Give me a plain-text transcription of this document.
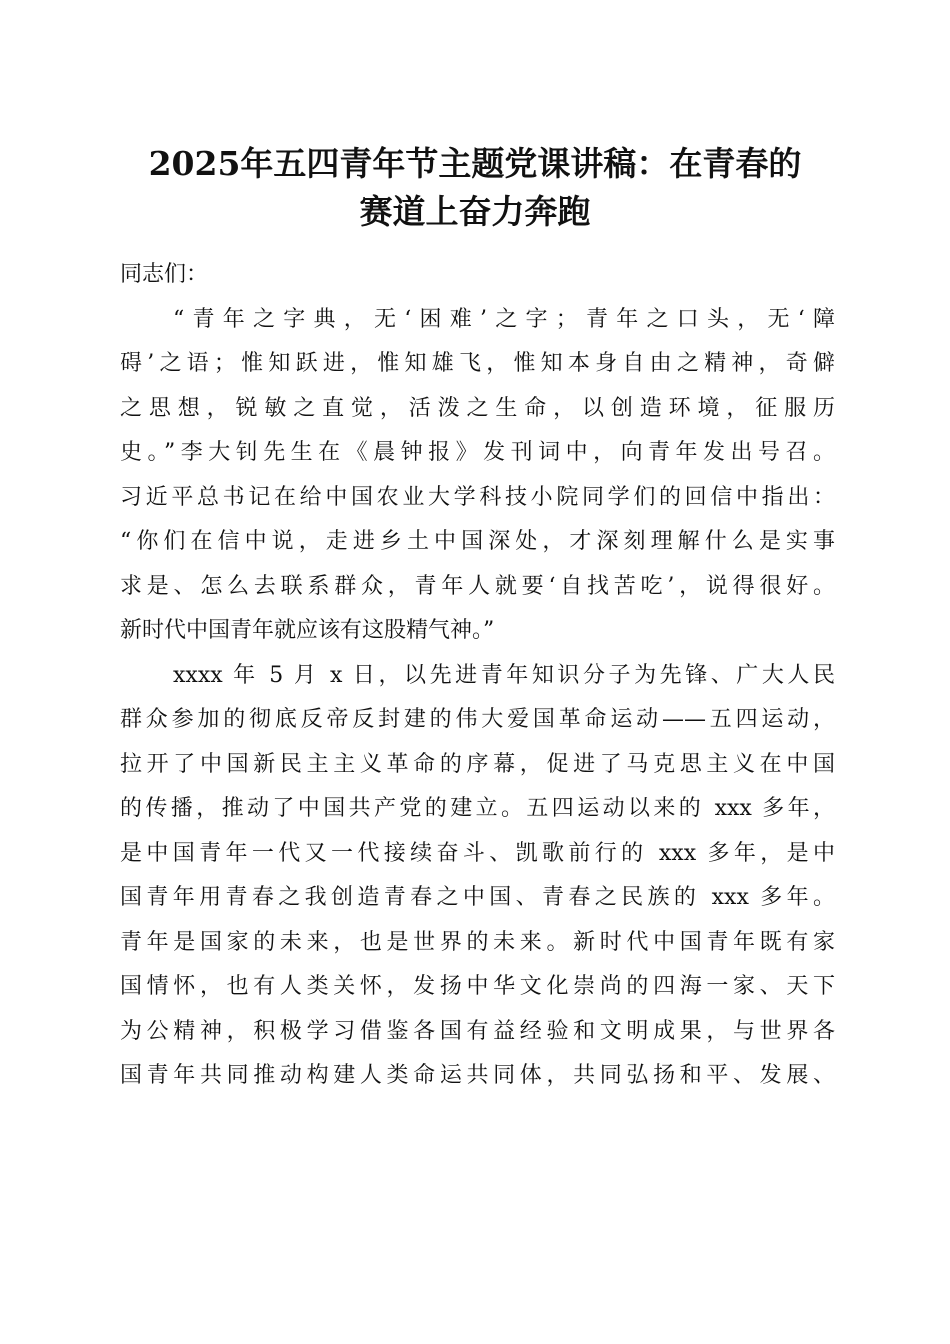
2025年五四青年节主题党课讲稿：在青春的
赛道上奋力奔跑
同志们：
“青年之字典，无‘困难’之字；青年之口头，无‘障
碍’之语；惟知跃进，惟知雄飞，惟知本身自由之精神，奇僻
之思想，锐敏之直觉，活泼之生命，以创造环境，征服历
史。”李大钊先生在《晨钟报》发刊词中，向青年发出号召。
习近平总书记在给中国农业大学科技小院同学们的回信中指出：
“你们在信中说，走进乡土中国深处，才深刻理解什么是实事
求是、怎么去联系群众，青年人就要‘自找苦吃’，说得很好。
新时代中国青年就应该有这股精气神。”
xxxx 年 5 月 x 日，以先进青年知识分子为先锋、广大人民
群众参加的彻底反帝反封建的伟大爱国革命运动——五四运动，
拉开了中国新民主主义革命的序幕，促进了马克思主义在中国
的传播，推动了中国共产党的建立。五四运动以来的 xxx 多年，
是中国青年一代又一代接续奋斗、凯歌前行的 xxx 多年，是中
国青年用青春之我创造青春之中国、青春之民族的 xxx 多年。
青年是国家的未来，也是世界的未来。新时代中国青年既有家
国情怀，也有人类关怀，发扬中华文化崇尚的四海一家、天下
为公精神，积极学习借鉴各国有益经验和文明成果，与世界各
国青年共同推动构建人类命运共同体，共同弘扬和平、发展、
